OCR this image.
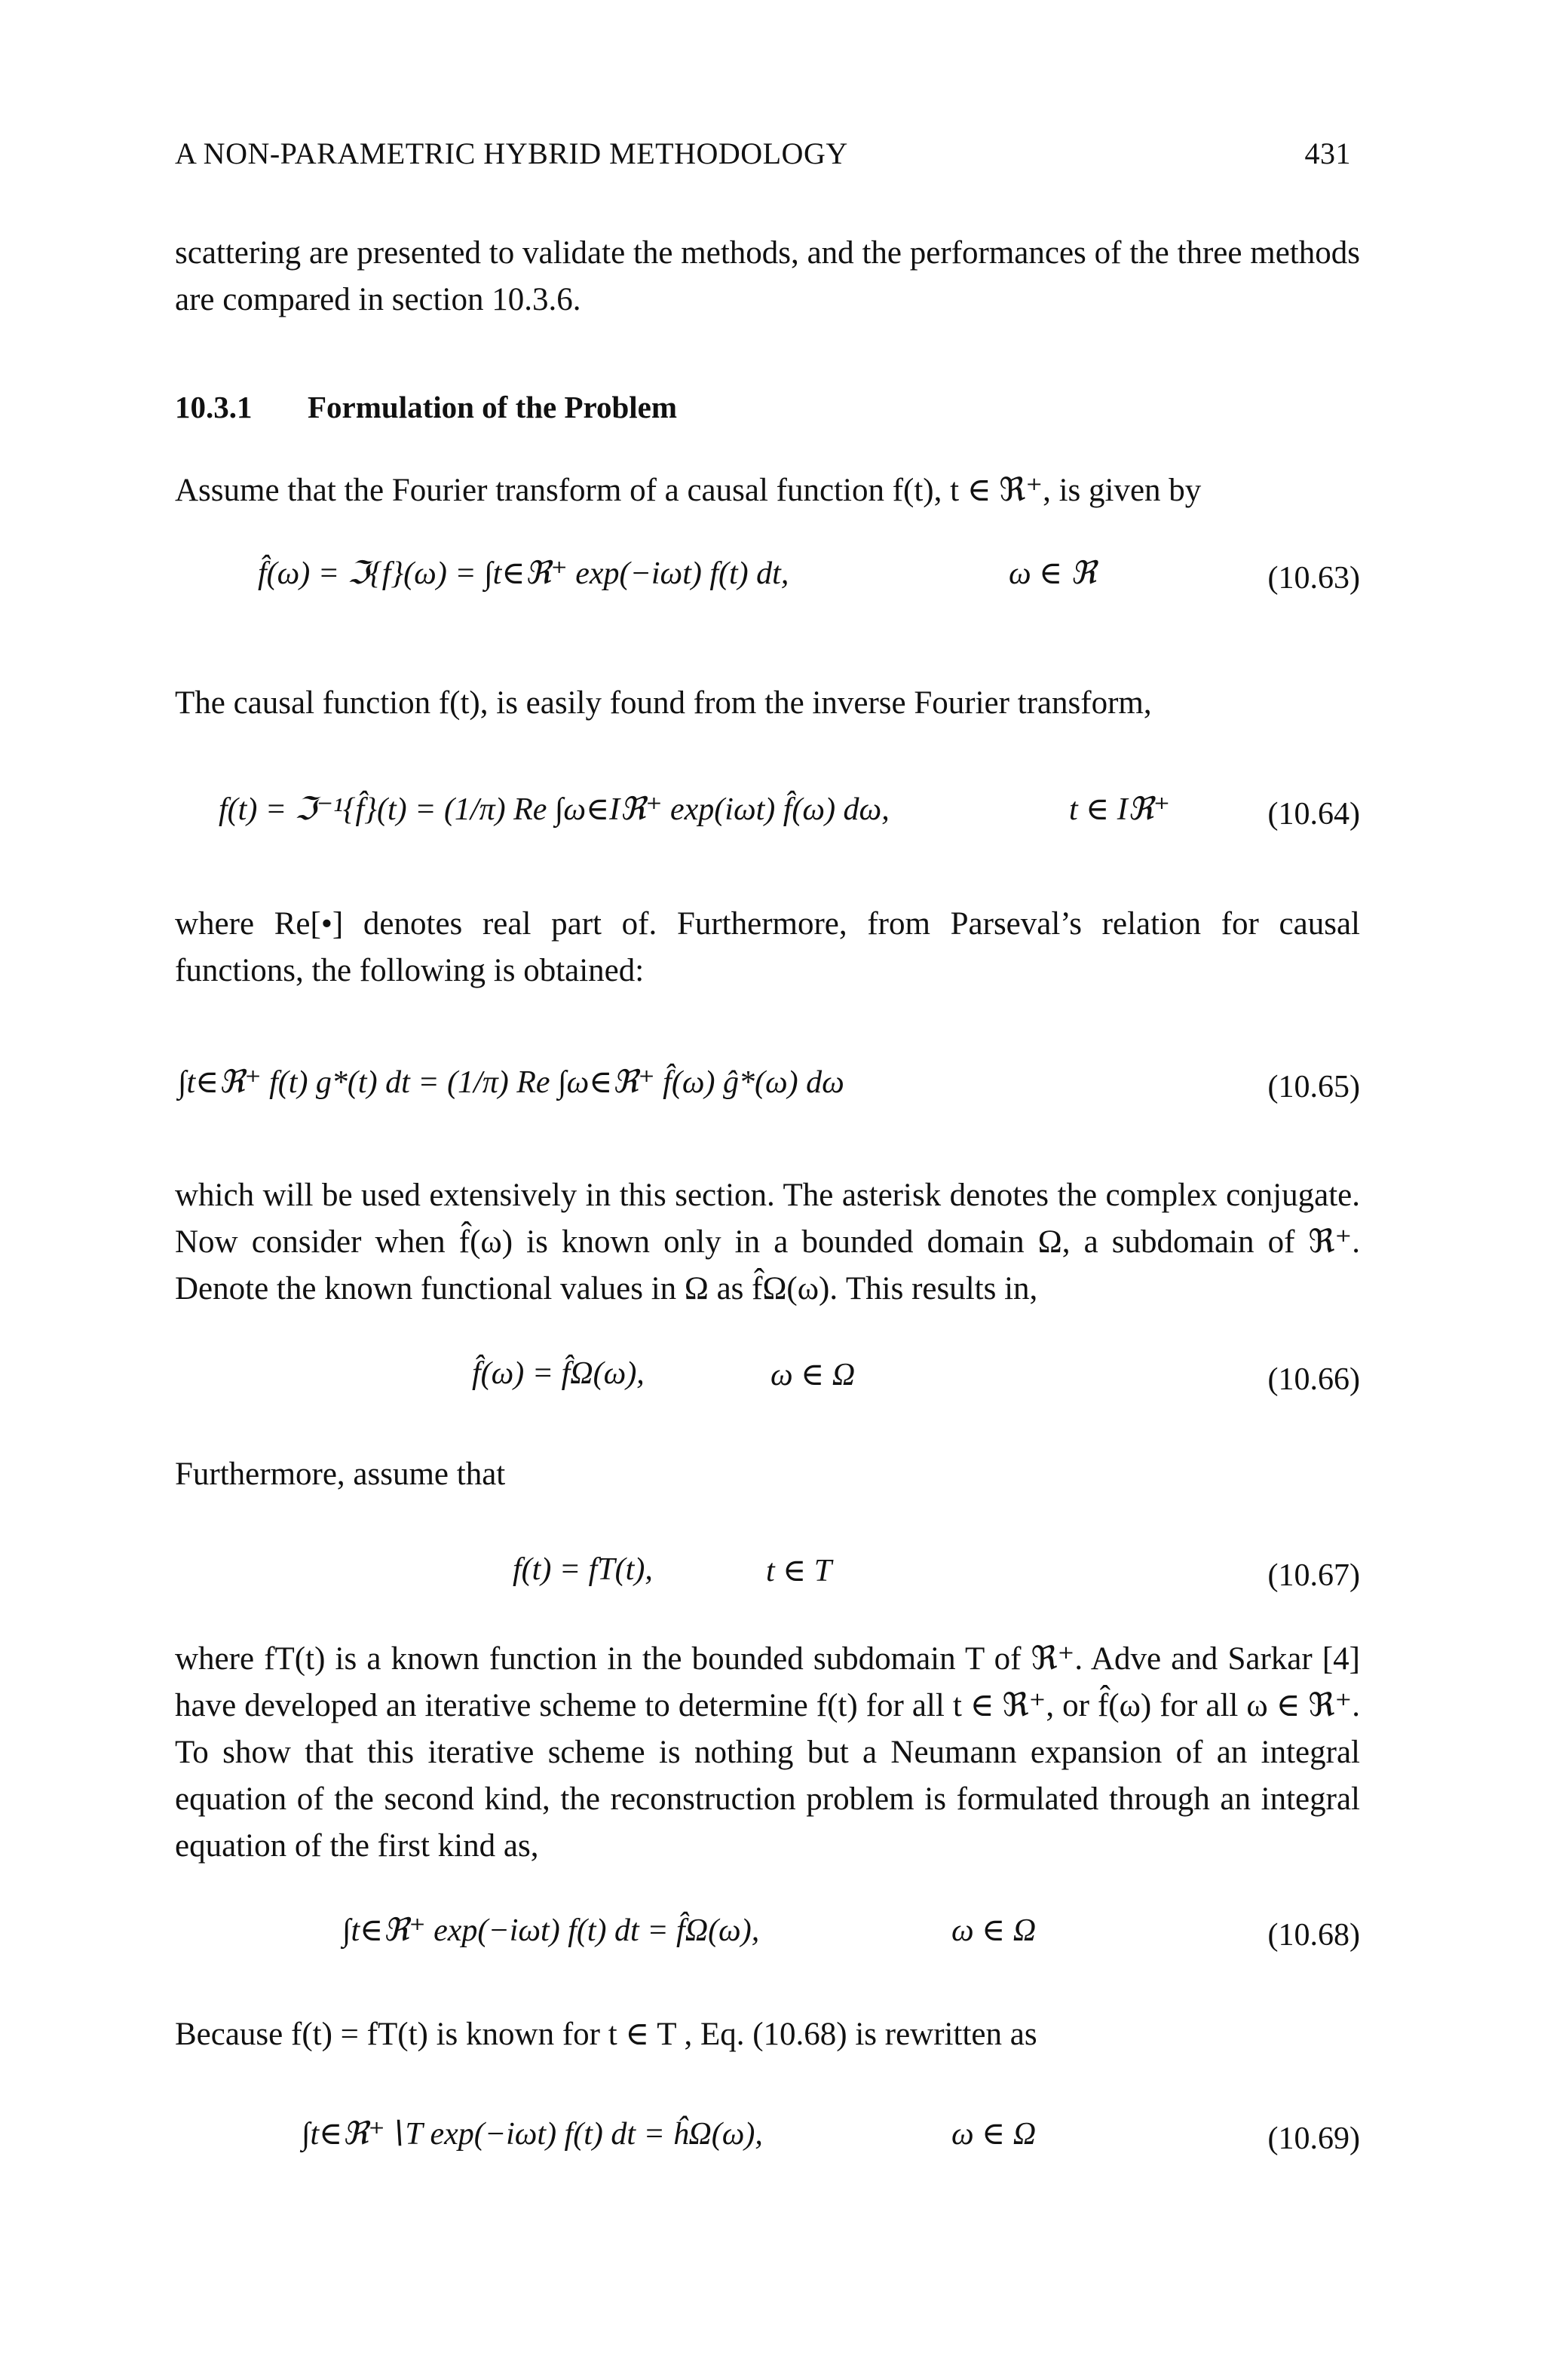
A NON-PARAMETRIC HYBRID METHODOLOGY	431
scattering are presented to validate the methods, and the performances of the three methods are compared in section 10.3.6.
10.3.1 Formulation of the Problem
Assume that the Fourier transform of a causal function f(t), t ∈ ℜ⁺, is given by
f̂(ω) = ℑ{f}(ω) = ∫t∈ℜ⁺ exp(−iωt) f(t) dt,	ω ∈ ℜ	(10.63)
The causal function f(t), is easily found from the inverse Fourier transform,
f(t) = ℑ⁻¹{f̂}(t) = (1/π) Re ∫ω∈Iℜ⁺ exp(iωt) f̂(ω) dω,	t ∈ Iℜ⁺	(10.64)
where Re[•] denotes real part of. Furthermore, from Parseval’s relation for causal functions, the following is obtained:
∫t∈ℜ⁺ f(t) g*(t) dt = (1/π) Re ∫ω∈ℜ⁺ f̂(ω) ĝ*(ω) dω	(10.65)
which will be used extensively in this section. The asterisk denotes the complex conjugate. Now consider when f̂(ω) is known only in a bounded domain Ω, a subdomain of ℜ⁺. Denote the known functional values in Ω as f̂Ω(ω). This results in,
f̂(ω) = f̂Ω(ω),	ω ∈ Ω	(10.66)
Furthermore, assume that
f(t) = fT(t),	t ∈ T	(10.67)
where fT(t) is a known function in the bounded subdomain T of ℜ⁺. Adve and Sarkar [4] have developed an iterative scheme to determine f(t) for all t ∈ ℜ⁺, or f̂(ω) for all ω ∈ ℜ⁺. To show that this iterative scheme is nothing but a Neumann expansion of an integral equation of the second kind, the reconstruction problem is formulated through an integral equation of the first kind as,
∫t∈ℜ⁺ exp(−iωt) f(t) dt = f̂Ω(ω),	ω ∈ Ω	(10.68)
Because f(t) = fT(t) is known for t ∈ T , Eq. (10.68) is rewritten as
∫t∈ℜ⁺∖T exp(−iωt) f(t) dt = ĥΩ(ω),	ω ∈ Ω	(10.69)
